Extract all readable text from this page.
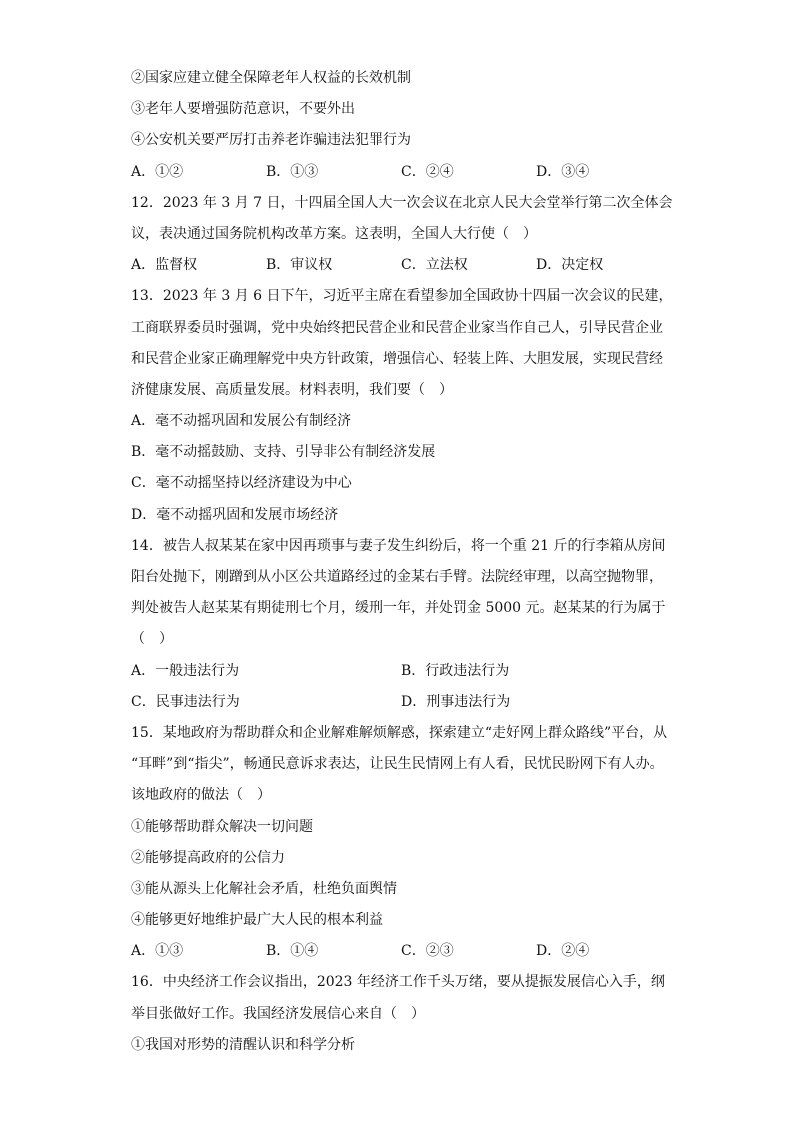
②国家应建立健全保障老年人权益的长效机制
③老年人要增强防范意识，不要外出
④公安机关要严厉打击养老诈骗违法犯罪行为
A．①②	B．①③	C．②④	D．③④
12．2023 年 3 月 7 日，十四届全国人大一次会议在北京人民大会堂举行第二次全体会
议，表决通过国务院机构改革方案。这表明，全国人大行使（　）
A．监督权	B．审议权	C．立法权	D．决定权
13．2023 年 3 月 6 日下午，习近平主席在看望参加全国政协十四届一次会议的民建，
工商联界委员时强调，党中央始终把民营企业和民营企业家当作自己人，引导民营企业
和民营企业家正确理解党中央方针政策，增强信心、轻装上阵、大胆发展，实现民营经
济健康发展、高质量发展。材料表明，我们要（　）
A．毫不动摇巩固和发展公有制经济
B．毫不动摇鼓励、支持、引导非公有制经济发展
C．毫不动摇坚持以经济建设为中心
D．毫不动摇巩固和发展市场经济
14．被告人叔某某在家中因再琐事与妻子发生纠纷后，将一个重 21 斤的行李箱从房间
阳台处抛下，刚蹭到从小区公共道路经过的金某右手臂。法院经审理，以高空抛物罪，
判处被告人赵某某有期徒刑七个月，缓刑一年，并处罚金 5000 元。赵某某的行为属于
（　）
A．一般违法行为	B．行政违法行为
C．民事违法行为	D．刑事违法行为
15．某地政府为帮助群众和企业解难解烦解惑，探索建立“走好网上群众路线”平台，从
“耳畔”到“指尖”，畅通民意诉求表达，让民生民情网上有人看，民忧民盼网下有人办。
该地政府的做法（　）
①能够帮助群众解决一切问题
②能够提高政府的公信力
③能从源头上化解社会矛盾，杜绝负面舆情
④能够更好地维护最广大人民的根本利益
A．①③	B．①④	C．②③	D．②④
16．中央经济工作会议指出，2023 年经济工作千头万绪，要从提振发展信心入手，纲
举目张做好工作。我国经济发展信心来自（　）
①我国对形势的清醒认识和科学分析
